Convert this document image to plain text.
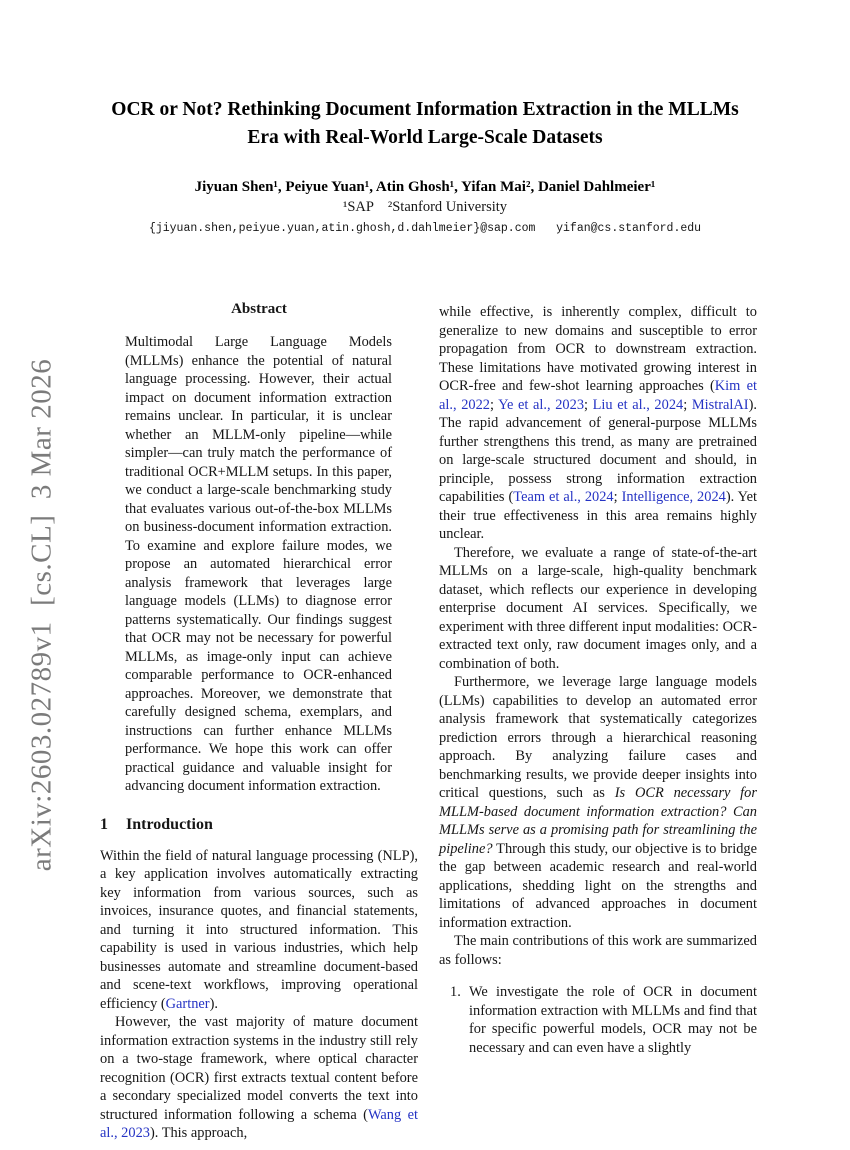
arXiv:2603.02789v1  [cs.CL]  3 Mar 2026
OCR or Not? Rethinking Document Information Extraction in the MLLMs
Era with Real-World Large-Scale Datasets
Jiyuan Shen¹, Peiyue Yuan¹, Atin Ghosh¹, Yifan Mai², Daniel Dahlmeier¹
¹SAP    ²Stanford University
{jiyuan.shen,peiyue.yuan,atin.ghosh,d.dahlmeier}@sap.com   yifan@cs.stanford.edu
Abstract
Multimodal Large Language Models (MLLMs) enhance the potential of natural language processing. However, their actual impact on document information extraction remains unclear. In particular, it is unclear whether an MLLM-only pipeline—while simpler—can truly match the performance of traditional OCR+MLLM setups. In this paper, we conduct a large-scale benchmarking study that evaluates various out-of-the-box MLLMs on business-document information extraction. To examine and explore failure modes, we propose an automated hierarchical error analysis framework that leverages large language models (LLMs) to diagnose error patterns systematically. Our findings suggest that OCR may not be necessary for powerful MLLMs, as image-only input can achieve comparable performance to OCR-enhanced approaches. Moreover, we demonstrate that carefully designed schema, exemplars, and instructions can further enhance MLLMs performance. We hope this work can offer practical guidance and valuable insight for advancing document information extraction.
1 Introduction
Within the field of natural language processing (NLP), a key application involves automatically extracting key information from various sources, such as invoices, insurance quotes, and financial statements, and turning it into structured information. This capability is used in various industries, which help businesses automate and streamline document-based and scene-text workflows, improving operational efficiency (Gartner).
However, the vast majority of mature document information extraction systems in the industry still rely on a two-stage framework, where optical character recognition (OCR) first extracts textual content before a secondary specialized model converts the text into structured information following a schema (Wang et al., 2023). This approach,
while effective, is inherently complex, difficult to generalize to new domains and susceptible to error propagation from OCR to downstream extraction. These limitations have motivated growing interest in OCR-free and few-shot learning approaches (Kim et al., 2022; Ye et al., 2023; Liu et al., 2024; MistralAI). The rapid advancement of general-purpose MLLMs further strengthens this trend, as many are pretrained on large-scale structured document and should, in principle, possess strong information extraction capabilities (Team et al., 2024; Intelligence, 2024). Yet their true effectiveness in this area remains highly unclear.
Therefore, we evaluate a range of state-of-the-art MLLMs on a large-scale, high-quality benchmark dataset, which reflects our experience in developing enterprise document AI services. Specifically, we experiment with three different input modalities: OCR-extracted text only, raw document images only, and a combination of both.
Furthermore, we leverage large language models (LLMs) capabilities to develop an automated error analysis framework that systematically categorizes prediction errors through a hierarchical reasoning approach. By analyzing failure cases and benchmarking results, we provide deeper insights into critical questions, such as Is OCR necessary for MLLM-based document information extraction? Can MLLMs serve as a promising path for streamlining the pipeline? Through this study, our objective is to bridge the gap between academic research and real-world applications, shedding light on the strengths and limitations of advanced approaches in document information extraction.
The main contributions of this work are summarized as follows:
1. We investigate the role of OCR in document information extraction with MLLMs and find that for specific powerful models, OCR may not be necessary and can even have a slightly
